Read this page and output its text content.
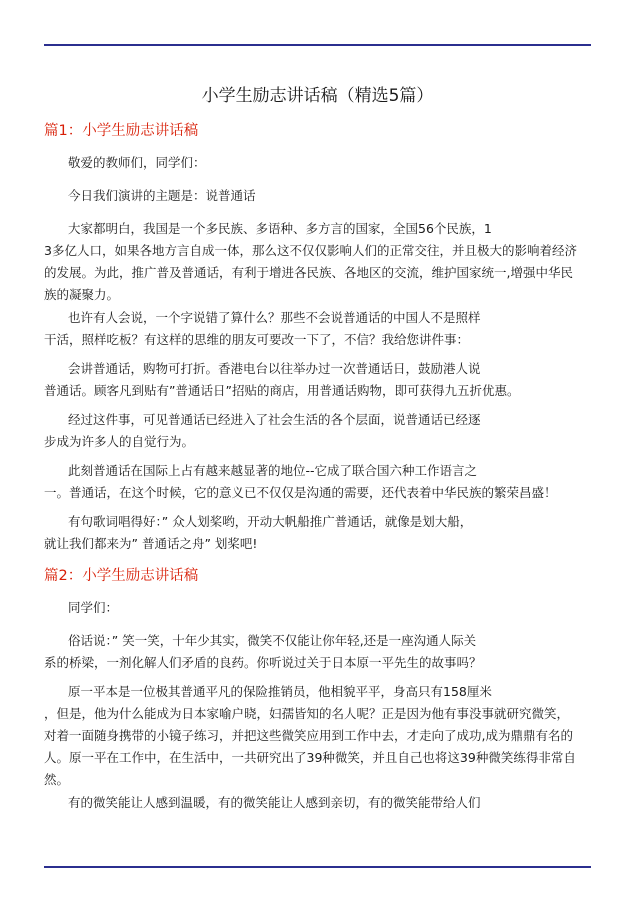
小学生励志讲话稿（精选5篇）
篇1：小学生励志讲话稿

敬爱的教师们，同学们：

今日我们演讲的主题是：说普通话

大家都明白，我国是一个多民族、多语种、多方言的国家，全国56个民族，1
3多亿人口，如果各地方言自成一体，那么这不仅仅影响人们的正常交往，并且极大的影响着经济
的发展。为此，推广普及普通话，有利于增进各民族、各地区的交流，维护国家统一,增强中华民
族的凝聚力。

也许有人会说，一个字说错了算什么？那些不会说普通话的中国人不是照样
干活，照样吃板？有这样的思维的朋友可要改一下了，不信？我给您讲件事：

会讲普通话，购物可打折。香港电台以往举办过一次普通话日，鼓励港人说
普通话。顾客凡到贴有”普通话日”招贴的商店，用普通话购物，即可获得九五折优惠。

经过这件事，可见普通话已经进入了社会生活的各个层面，说普通话已经逐
步成为许多人的自觉行为。

此刻普通话在国际上占有越来越显著的地位--它成了联合国六种工作语言之
一。普通话，在这个时候，它的意义已不仅仅是沟通的需要，还代表着中华民族的繁荣昌盛！

有句歌词唱得好：” 众人划桨哟，开动大帆船推广普通话，就像是划大船，
就让我们都来为” 普通话之舟” 划桨吧!

篇2：小学生励志讲话稿

同学们：

俗话说：” 笑一笑，十年少其实，微笑不仅能让你年轻,还是一座沟通人际关
系的桥梁，一剂化解人们矛盾的良药。你听说过关于日本原一平先生的故事吗？

原一平本是一位极其普通平凡的保险推销员，他相貌平平，身高只有158厘米
，但是，他为什么能成为日本家喻户晓，妇孺皆知的名人呢？正是因为他有事没事就研究微笑，
对着一面随身携带的小镜子练习，并把这些微笑应用到工作中去，才走向了成功,成为鼎鼎有名的
人。原一平在工作中，在生活中，一共研究出了39种微笑，并且自己也将这39种微笑练得非常自
然。

有的微笑能让人感到温暖，有的微笑能让人感到亲切，有的微笑能带给人们
